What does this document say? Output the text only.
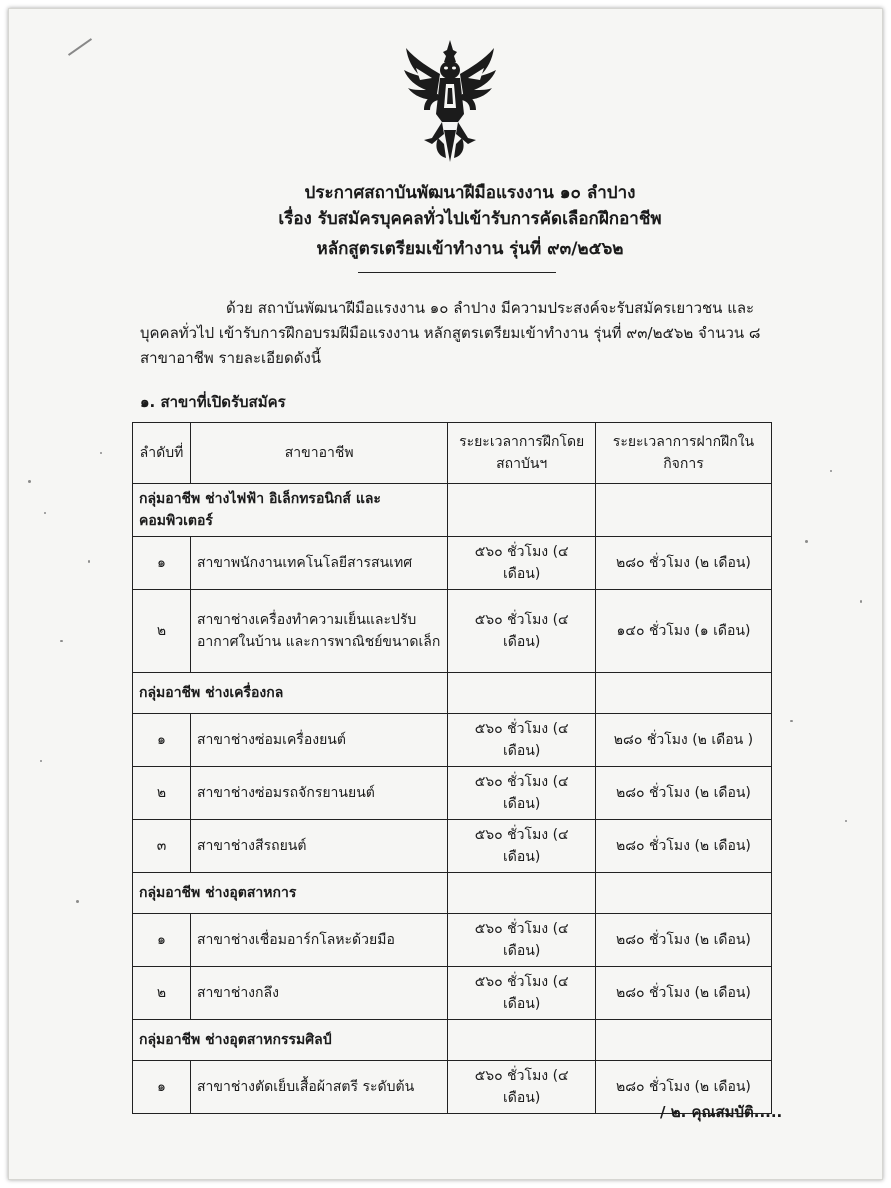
ประกาศสถาบันพัฒนาฝีมือแรงงาน ๑๐ ลำปาง
เรื่อง รับสมัครบุคคลทั่วไปเข้ารับการคัดเลือกฝึกอาชีพ
หลักสูตรเตรียมเข้าทำงาน รุ่นที่ ๙๓/๒๕๖๒
ด้วย สถาบันพัฒนาฝีมือแรงงาน ๑๐ ลำปาง มีความประสงค์จะรับสมัครเยาวชน และบุคคลทั่วไป เข้ารับการฝึกอบรมฝีมือแรงงาน หลักสูตรเตรียมเข้าทำงาน รุ่นที่ ๙๓/๒๕๖๒ จำนวน ๘ สาขาอาชีพ รายละเอียดดังนี้
๑. สาขาที่เปิดรับสมัคร
ลำดับที่	สาขาอาชีพ	ระยะเวลาการฝึกโดยสถาบันฯ	ระยะเวลาการฝากฝึกในกิจการ
กลุ่มอาชีพ ช่างไฟฟ้า อิเล็กทรอนิกส์ และคอมพิวเตอร์			
๑	สาขาพนักงานเทคโนโลยีสารสนเทศ	๕๖๐ ชั่วโมง (๔ เดือน)	๒๘๐ ชั่วโมง (๒ เดือน)
๒	สาขาช่างเครื่องทำความเย็นและปรับอากาศในบ้าน และการพาณิชย์ขนาดเล็ก	๕๖๐ ชั่วโมง (๔ เดือน)	๑๔๐ ชั่วโมง (๑ เดือน)
กลุ่มอาชีพ ช่างเครื่องกล			
๑	สาขาช่างซ่อมเครื่องยนต์	๕๖๐ ชั่วโมง (๔ เดือน)	๒๘๐ ชั่วโมง (๒ เดือน )
๒	สาขาช่างซ่อมรถจักรยานยนต์	๕๖๐ ชั่วโมง (๔ เดือน)	๒๘๐ ชั่วโมง (๒ เดือน)
๓	สาขาช่างสีรถยนต์	๕๖๐ ชั่วโมง (๔ เดือน)	๒๘๐ ชั่วโมง (๒ เดือน)
กลุ่มอาชีพ ช่างอุตสาหการ			
๑	สาขาช่างเชื่อมอาร์กโลหะด้วยมือ	๕๖๐ ชั่วโมง (๔ เดือน)	๒๘๐ ชั่วโมง (๒ เดือน)
๒	สาขาช่างกลึง	๕๖๐ ชั่วโมง (๔ เดือน)	๒๘๐ ชั่วโมง (๒ เดือน)
กลุ่มอาชีพ ช่างอุตสาหกรรมศิลป์			
๑	สาขาช่างตัดเย็บเสื้อผ้าสตรี ระดับต้น	๕๖๐ ชั่วโมง (๔ เดือน)	๒๘๐ ชั่วโมง (๒ เดือน)
/ ๒. คุณสมบัติ.....
